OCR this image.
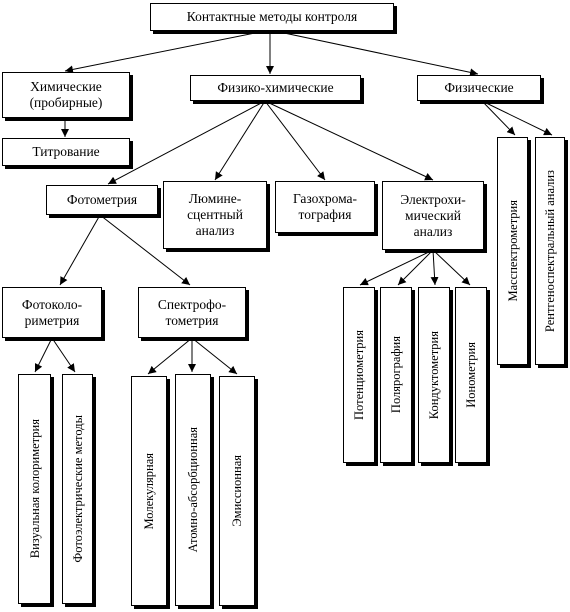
Контактные методы контроля
Химические
(пробирные)
Титрование
Физико-химические	Физические
Фотометрия	Люмине-
сцентный
анализ
Газохрома-
тография
Электрохи-
мический
анализ
Фотоколо-
риметрия
Спектрофо-
тометрия
Визуальная колориметрия Фотоэлектрические методы	Молекулярная Атомно-абсорбционная Эмиссионная
Потенциометрия Полярография Кондуктометрия Ионометрия
Масспектрометрия Рентгеноспектральный анализ
